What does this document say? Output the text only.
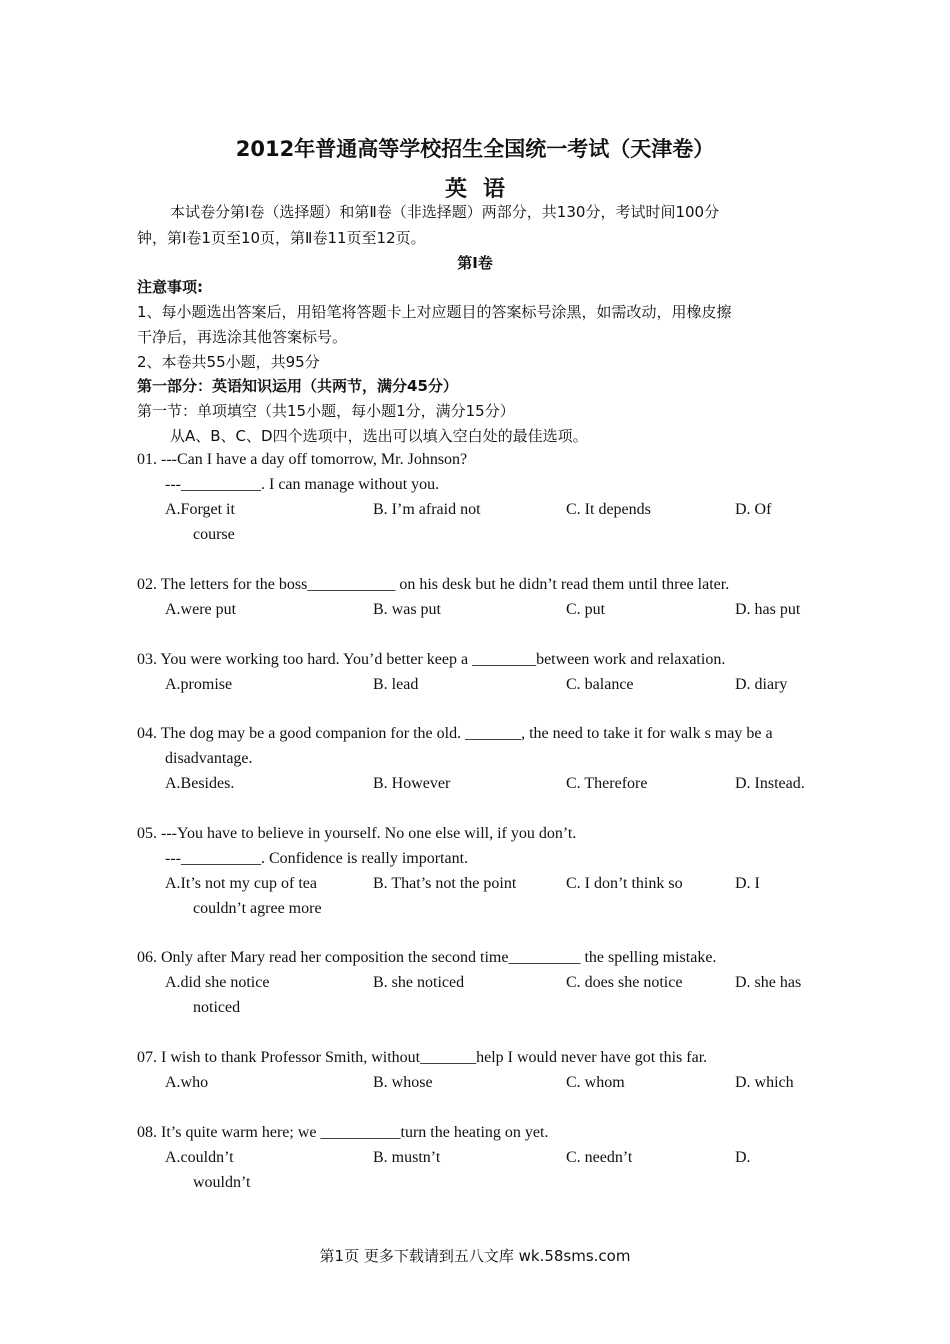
2012年普通高等学校招生全国统一考试（天津卷）
英语
本试卷分第Ⅰ卷（选择题）和第Ⅱ卷（非选择题）两部分，共130分，考试时间100分
钟，第Ⅰ卷1页至10页，第Ⅱ卷11页至12页。
第Ⅰ卷
注意事项:
1、每小题选出答案后，用铅笔将答题卡上对应题目的答案标号涂黑，如需改动，用橡皮擦
干净后，再选涂其他答案标号。
2、本卷共55小题，共95分
第一部分：英语知识运用（共两节，满分45分）
第一节：单项填空（共15小题，每小题1分，满分15分）
从A、B、C、D四个选项中，选出可以填入空白处的最佳选项。
01. ---Can I have a day off tomorrow, Mr. Johnson?
---__________. I can manage without you.
A.Forget it	B. I’m afraid not	C. It depends	D. Of
course
02. The letters for the boss___________ on his desk but he didn’t read them until three later.
A.were put	B. was put	C. put	D. has put
03. You were working too hard. You’d better keep a ________between work and relaxation.
A.promise	B. lead	C. balance	D. diary
04. The dog may be a good companion for the old. _______, the need to take it for walk s may be a
disadvantage.
A.Besides.	B. However	C. Therefore	D. Instead.
05. ---You have to believe in yourself. No one else will, if you don’t.
---__________. Confidence is really important.
A.It’s not my cup of tea	B. That’s not the point	C. I don’t think so	D. I
couldn’t agree more
06. Only after Mary read her composition the second time_________ the spelling mistake.
A.did she notice	B. she noticed	C. does she notice	D. she has
noticed
07. I wish to thank Professor Smith, without_______help I would never have got this far.
A.who	B. whose	C. whom	D. which
08. It’s quite warm here; we __________turn the heating on yet.
A.couldn’t	B. mustn’t	C. needn’t	D.
wouldn’t
第1页 更多下载请到五八文库 wk.58sms.com
